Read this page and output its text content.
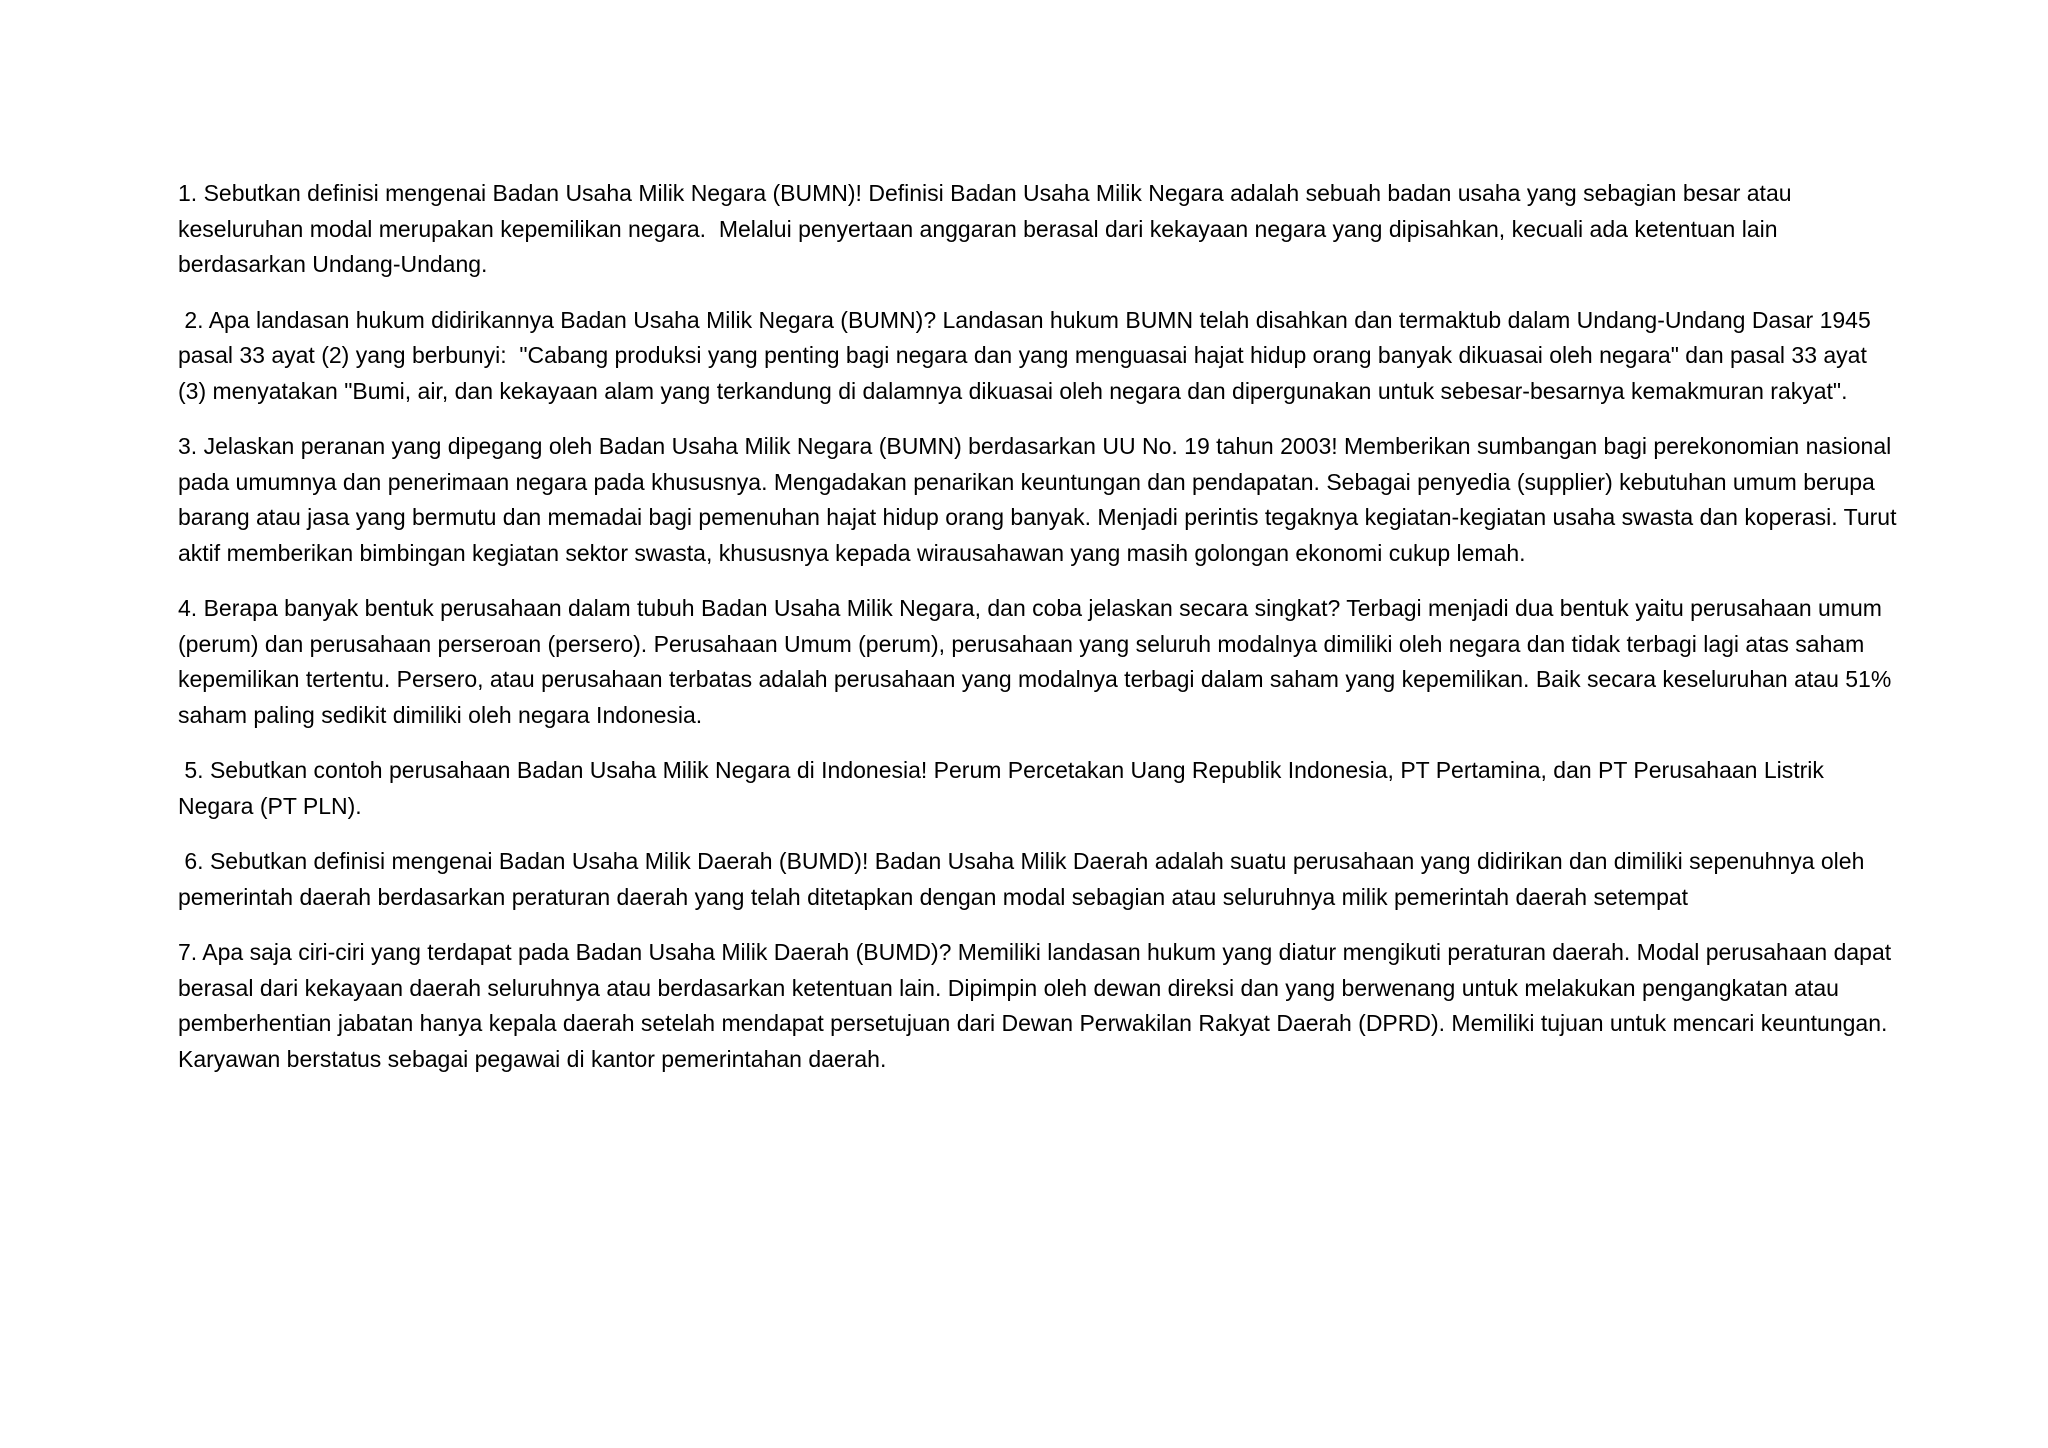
1. Sebutkan definisi mengenai Badan Usaha Milik Negara (BUMN)! Definisi Badan Usaha Milik Negara adalah sebuah badan usaha yang sebagian besar atau keseluruhan modal merupakan kepemilikan negara.  Melalui penyertaan anggaran berasal dari kekayaan negara yang dipisahkan, kecuali ada ketentuan lain berdasarkan Undang-Undang.

2. Apa landasan hukum didirikannya Badan Usaha Milik Negara (BUMN)? Landasan hukum BUMN telah disahkan dan termaktub dalam Undang-Undang Dasar 1945 pasal 33 ayat (2) yang berbunyi:  "Cabang produksi yang penting bagi negara dan yang menguasai hajat hidup orang banyak dikuasai oleh negara" dan pasal 33 ayat (3) menyatakan "Bumi, air, dan kekayaan alam yang terkandung di dalamnya dikuasai oleh negara dan dipergunakan untuk sebesar-besarnya kemakmuran rakyat".

3. Jelaskan peranan yang dipegang oleh Badan Usaha Milik Negara (BUMN) berdasarkan UU No. 19 tahun 2003! Memberikan sumbangan bagi perekonomian nasional pada umumnya dan penerimaan negara pada khususnya. Mengadakan penarikan keuntungan dan pendapatan. Sebagai penyedia (supplier) kebutuhan umum berupa barang atau jasa yang bermutu dan memadai bagi pemenuhan hajat hidup orang banyak. Menjadi perintis tegaknya kegiatan-kegiatan usaha swasta dan koperasi. Turut aktif memberikan bimbingan kegiatan sektor swasta, khususnya kepada wirausahawan yang masih golongan ekonomi cukup lemah.

4. Berapa banyak bentuk perusahaan dalam tubuh Badan Usaha Milik Negara, dan coba jelaskan secara singkat? Terbagi menjadi dua bentuk yaitu perusahaan umum (perum) dan perusahaan perseroan (persero). Perusahaan Umum (perum), perusahaan yang seluruh modalnya dimiliki oleh negara dan tidak terbagi lagi atas saham kepemilikan tertentu. Persero, atau perusahaan terbatas adalah perusahaan yang modalnya terbagi dalam saham yang kepemilikan. Baik secara keseluruhan atau 51% saham paling sedikit dimiliki oleh negara Indonesia.

5. Sebutkan contoh perusahaan Badan Usaha Milik Negara di Indonesia! Perum Percetakan Uang Republik Indonesia, PT Pertamina, dan PT Perusahaan Listrik Negara (PT PLN).

6. Sebutkan definisi mengenai Badan Usaha Milik Daerah (BUMD)! Badan Usaha Milik Daerah adalah suatu perusahaan yang didirikan dan dimiliki sepenuhnya oleh pemerintah daerah berdasarkan peraturan daerah yang telah ditetapkan dengan modal sebagian atau seluruhnya milik pemerintah daerah setempat

7. Apa saja ciri-ciri yang terdapat pada Badan Usaha Milik Daerah (BUMD)? Memiliki landasan hukum yang diatur mengikuti peraturan daerah. Modal perusahaan dapat berasal dari kekayaan daerah seluruhnya atau berdasarkan ketentuan lain. Dipimpin oleh dewan direksi dan yang berwenang untuk melakukan pengangkatan atau pemberhentian jabatan hanya kepala daerah setelah mendapat persetujuan dari Dewan Perwakilan Rakyat Daerah (DPRD). Memiliki tujuan untuk mencari keuntungan. Karyawan berstatus sebagai pegawai di kantor pemerintahan daerah.
